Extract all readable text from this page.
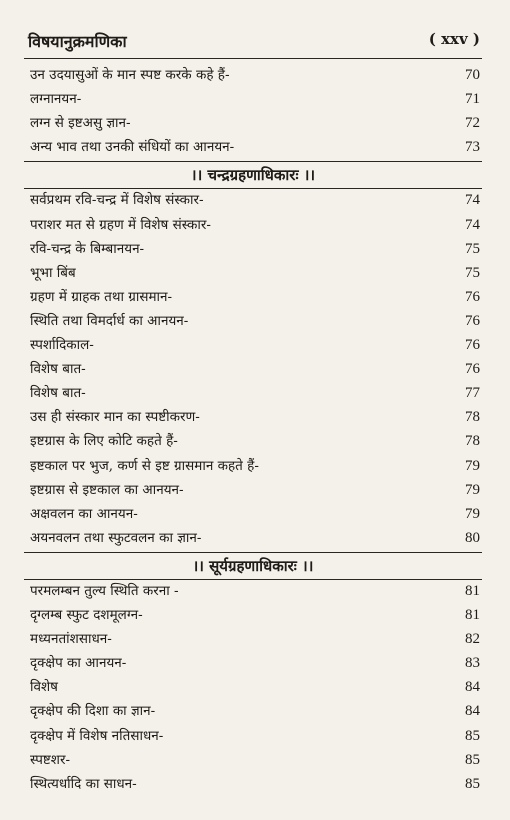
विषयानुक्रमणिका	( xxv )
उन उदयासुओं के मान स्पष्ट करके कहे हैं-	70
लग्नानयन-	71
लग्न से इष्टअसु ज्ञान-	72
अन्य भाव तथा उनकी संधियों का आनयन-	73
सर्वप्रथम रवि-चन्द्र में विशेष संस्कार-	74
पराशर मत से ग्रहण में विशेष संस्कार-	74
रवि-चन्द्र के बिम्बानयन-	75
भूभा बिंब	75
ग्रहण में ग्राहक तथा ग्रासमान-	76
स्थिति तथा विमर्दार्ध का आनयन-	76
स्पर्शादिकाल-	76
विशेष बात-	76
विशेष बात-	77
उस ही संस्कार मान का स्पष्टीकरण-	78
इष्टग्रास के लिए कोटि कहते हैं-	78
इष्टकाल पर भुज, कर्ण से इष्ट ग्रासमान कहते हैं-	79
इष्टग्रास से इष्टकाल का आनयन-	79
अक्षवलन का आनयन-	79
अयनवलन तथा स्फुटवलन का ज्ञान-	80
परमलम्बन तुल्य स्थिति करना -	81
दृग्लम्ब स्फुट दशमूलग्न-	81
मध्यनतांशसाधन-	82
दृक्क्षेप का आनयन-	83
विशेष	84
दृक्क्षेप की दिशा का ज्ञान-	84
दृक्क्षेप में विशेष नतिसाधन-	85
स्पष्टशर-	85
स्थित्यर्धादि का साधन-	85
।। चन्द्रग्रहणाधिकारः ।।
।। सूर्यग्रहणाधिकारः ।।
